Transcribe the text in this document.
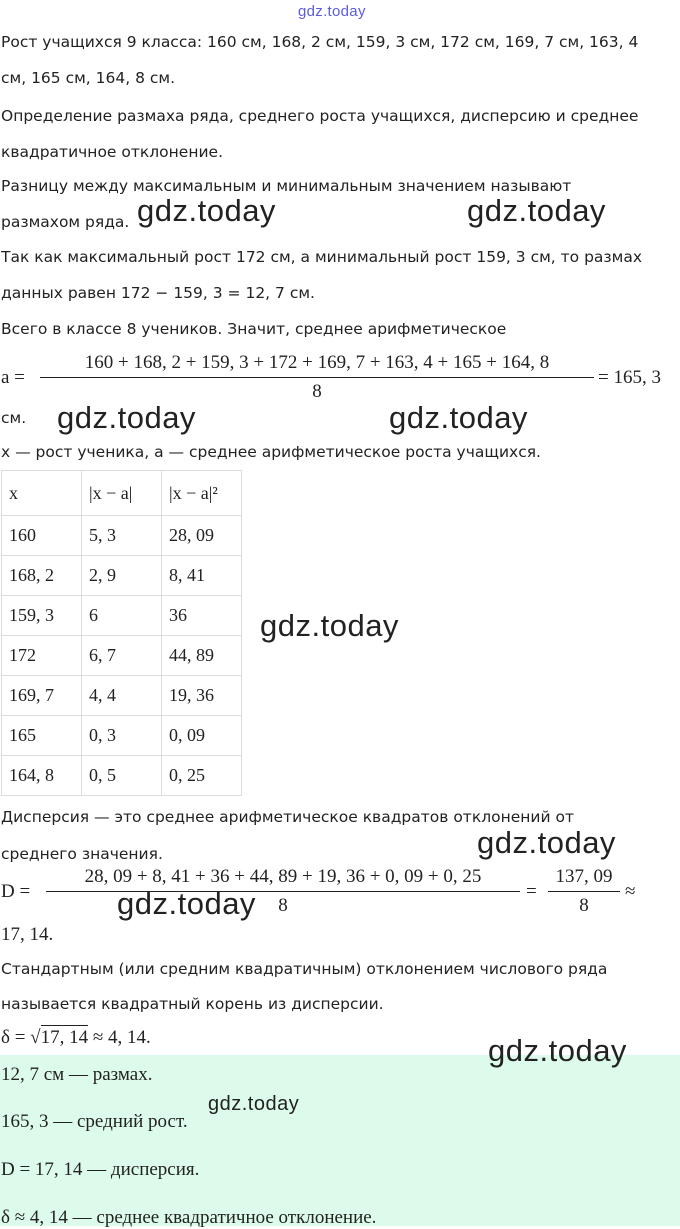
gdz.today
Рост учащихся 9 класса: 160 см, 168, 2 см, 159, 3 см, 172 см, 169, 7 см, 163, 4
см, 165 см, 164, 8 см.
Определение размаха ряда, среднего роста учащихся, дисперсию и среднее
квадратичное отклонение.
Разницу между максимальным и минимальным значением называют
размахом ряда.
Так как максимальный рост 172 см, а минимальный рост 159, 3 см, то размах
данных равен 172 − 159, 3 = 12, 7 см.
Всего в классе 8 учеников. Значит, среднее арифметическое
a =
160 + 168, 2 + 159, 3 + 172 + 169, 7 + 163, 4 + 165 + 164, 8
8
= 165, 3
см.
x — рост ученика, a — среднее арифметическое роста учащихся.
x	|x − a|	|x − a|²
160	5, 3	28, 09
168, 2	2, 9	8, 41
159, 3	6	36
172	6, 7	44, 89
169, 7	4, 4	19, 36
165	0, 3	0, 09
164, 8	0, 5	0, 25
Дисперсия — это среднее арифметическое квадратов отклонений от
среднего значения.
D =
28, 09 + 8, 41 + 36 + 44, 89 + 19, 36 + 0, 09 + 0, 25
8
=
137, 09
8
≈
17, 14.
Стандартным (или средним квадратичным) отклонением числового ряда
называется квадратный корень из дисперсии.
δ = √17, 14 ≈ 4, 14.
12, 7 см — размах.
165, 3 — средний рост.
D = 17, 14 — дисперсия.
δ ≈ 4, 14 — среднее квадратичное отклонение.
gdz.today	gdz.today
gdz.today	gdz.today
gdz.today
gdz.today
gdz.today
gdz.today
gdz.today
